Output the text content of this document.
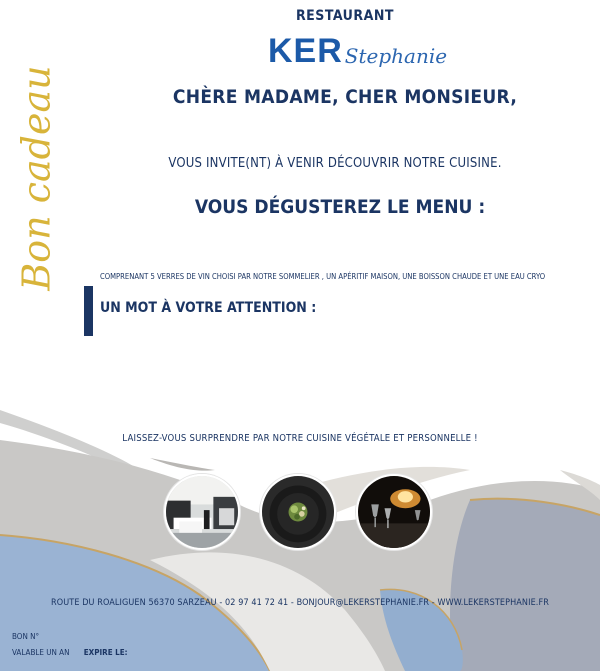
Bon cadeau
RESTAURANT
KER Stephanie
CHÈRE MADAME, CHER MONSIEUR,
VOUS INVITE(NT) À VENIR DÉCOUVRIR NOTRE CUISINE.
VOUS DÉGUSTEREZ LE MENU :
COMPRENANT 5 VERRES DE VIN CHOISI PAR NOTRE SOMMELIER , UN APÉRITIF MAISON, UNE BOISSON CHAUDE ET UNE EAU CRYO
UN MOT À VOTRE ATTENTION :
LAISSEZ-VOUS SURPRENDRE PAR NOTRE CUISINE VÉGÉTALE ET PERSONNELLE !
ROUTE DU ROALIGUEN 56370 SARZEAU - 02 97 41 72 41 - BONJOUR@LEKERSTEPHANIE.FR - WWW.LEKERSTEPHANIE.FR
BON N°
VALABLE UN AN EXPIRE LE:
